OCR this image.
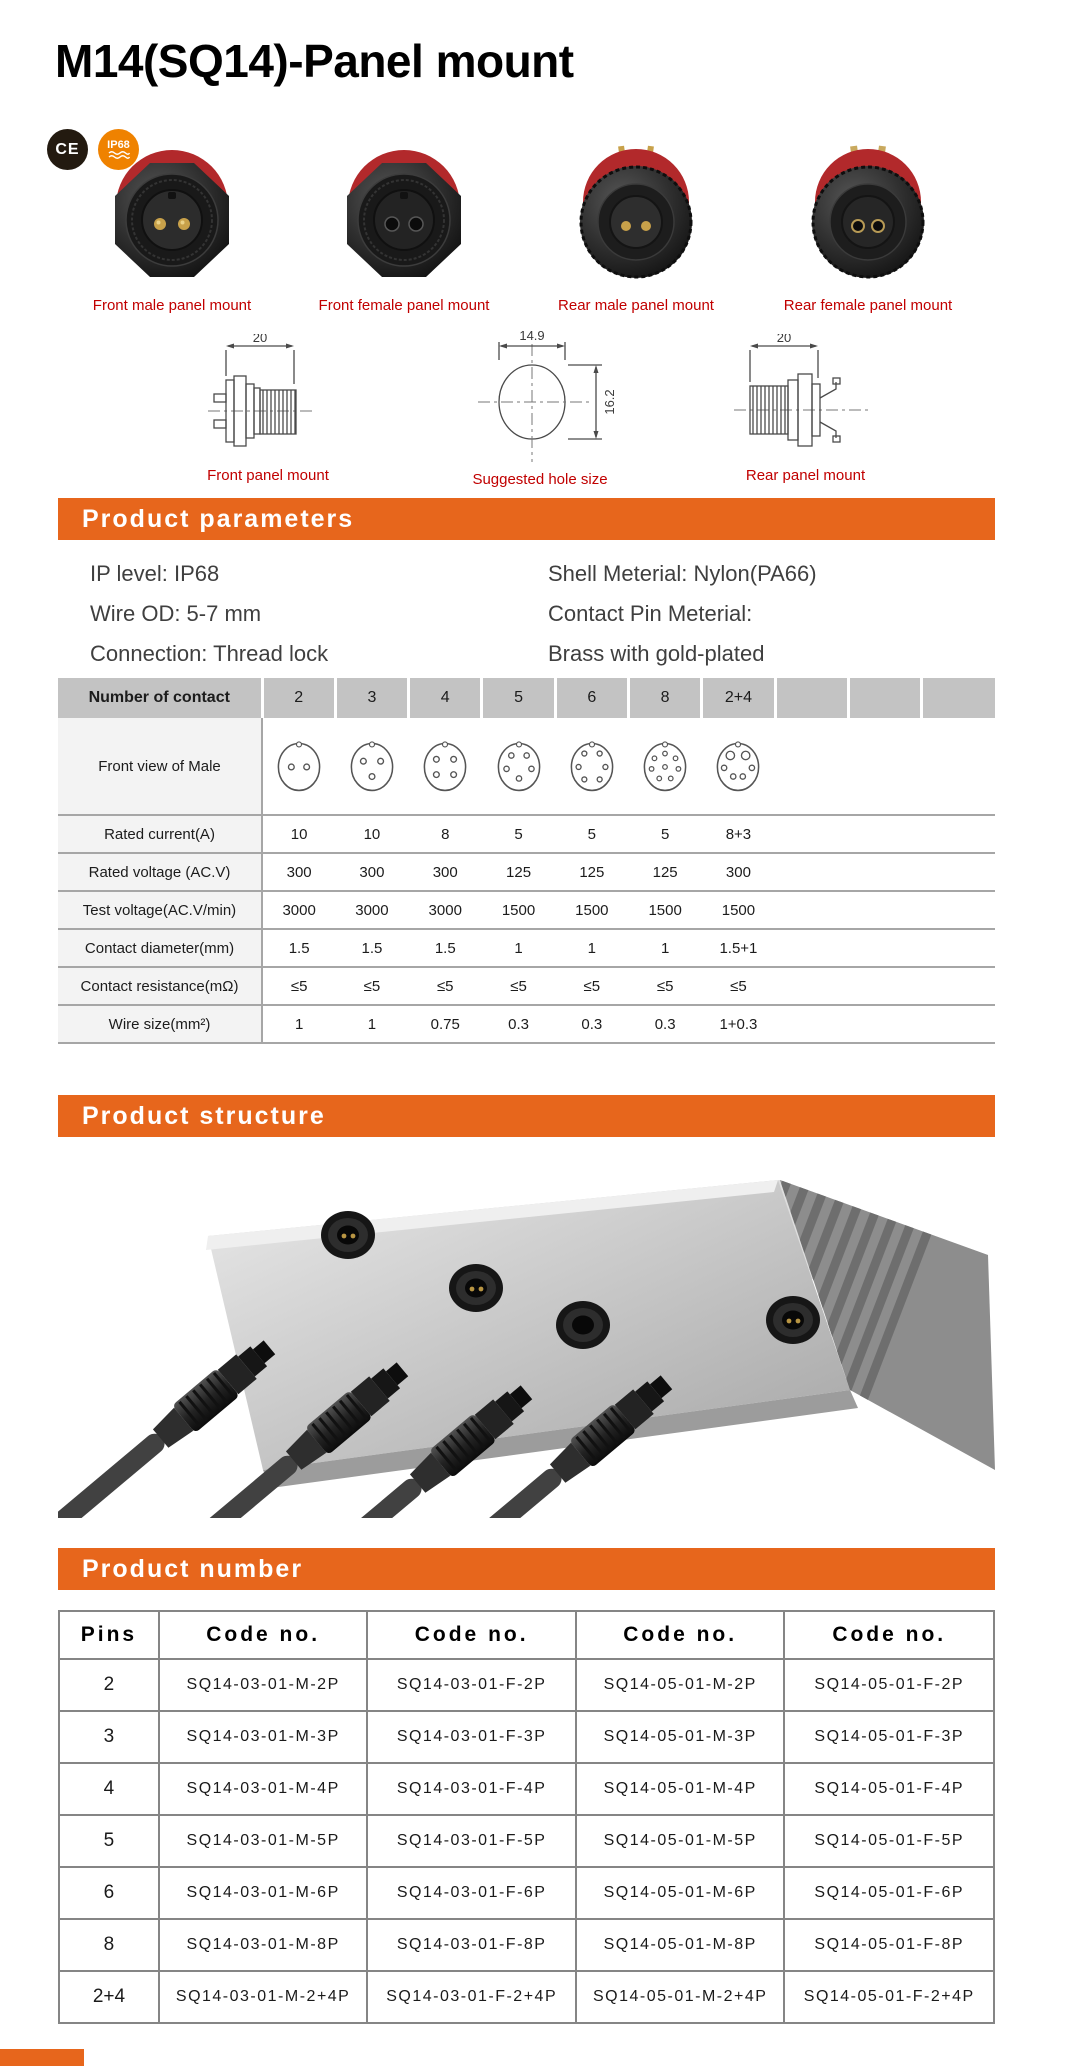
M14(SQ14)-Panel mount
CE	IP68
Front male panel mount	Front female panel mount	Rear male panel mount	Rear female panel mount
20
Front panel mount
14.9
16.2
Suggested hole size
20
Rear panel mount
Product parameters
IP level: IP68
Wire OD: 5-7 mm
Connection: Thread lock
Shell Meterial: Nylon(PA66)
Contact Pin Meterial:
Brass with gold-plated
Number of contact	2	3	4	5	6	8	2+4			
Front view of Male										
Rated current(A)	10	10	8	5	5	5	8+3			
Rated voltage (AC.V)	300	300	300	125	125	125	300			
Test voltage(AC.V/min)	3000	3000	3000	1500	1500	1500	1500			
Contact diameter(mm)	1.5	1.5	1.5	1	1	1	1.5+1			
Contact resistance(mΩ)	≤5	≤5	≤5	≤5	≤5	≤5	≤5			
Wire size(mm²)	1	1	0.75	0.3	0.3	0.3	1+0.3			
Product structure
Product number
Pins	Code no.	Code no.	Code no.	Code no.
2	SQ14-03-01-M-2P	SQ14-03-01-F-2P	SQ14-05-01-M-2P	SQ14-05-01-F-2P
3	SQ14-03-01-M-3P	SQ14-03-01-F-3P	SQ14-05-01-M-3P	SQ14-05-01-F-3P
4	SQ14-03-01-M-4P	SQ14-03-01-F-4P	SQ14-05-01-M-4P	SQ14-05-01-F-4P
5	SQ14-03-01-M-5P	SQ14-03-01-F-5P	SQ14-05-01-M-5P	SQ14-05-01-F-5P
6	SQ14-03-01-M-6P	SQ14-03-01-F-6P	SQ14-05-01-M-6P	SQ14-05-01-F-6P
8	SQ14-03-01-M-8P	SQ14-03-01-F-8P	SQ14-05-01-M-8P	SQ14-05-01-F-8P
2+4	SQ14-03-01-M-2+4P	SQ14-03-01-F-2+4P	SQ14-05-01-M-2+4P	SQ14-05-01-F-2+4P
